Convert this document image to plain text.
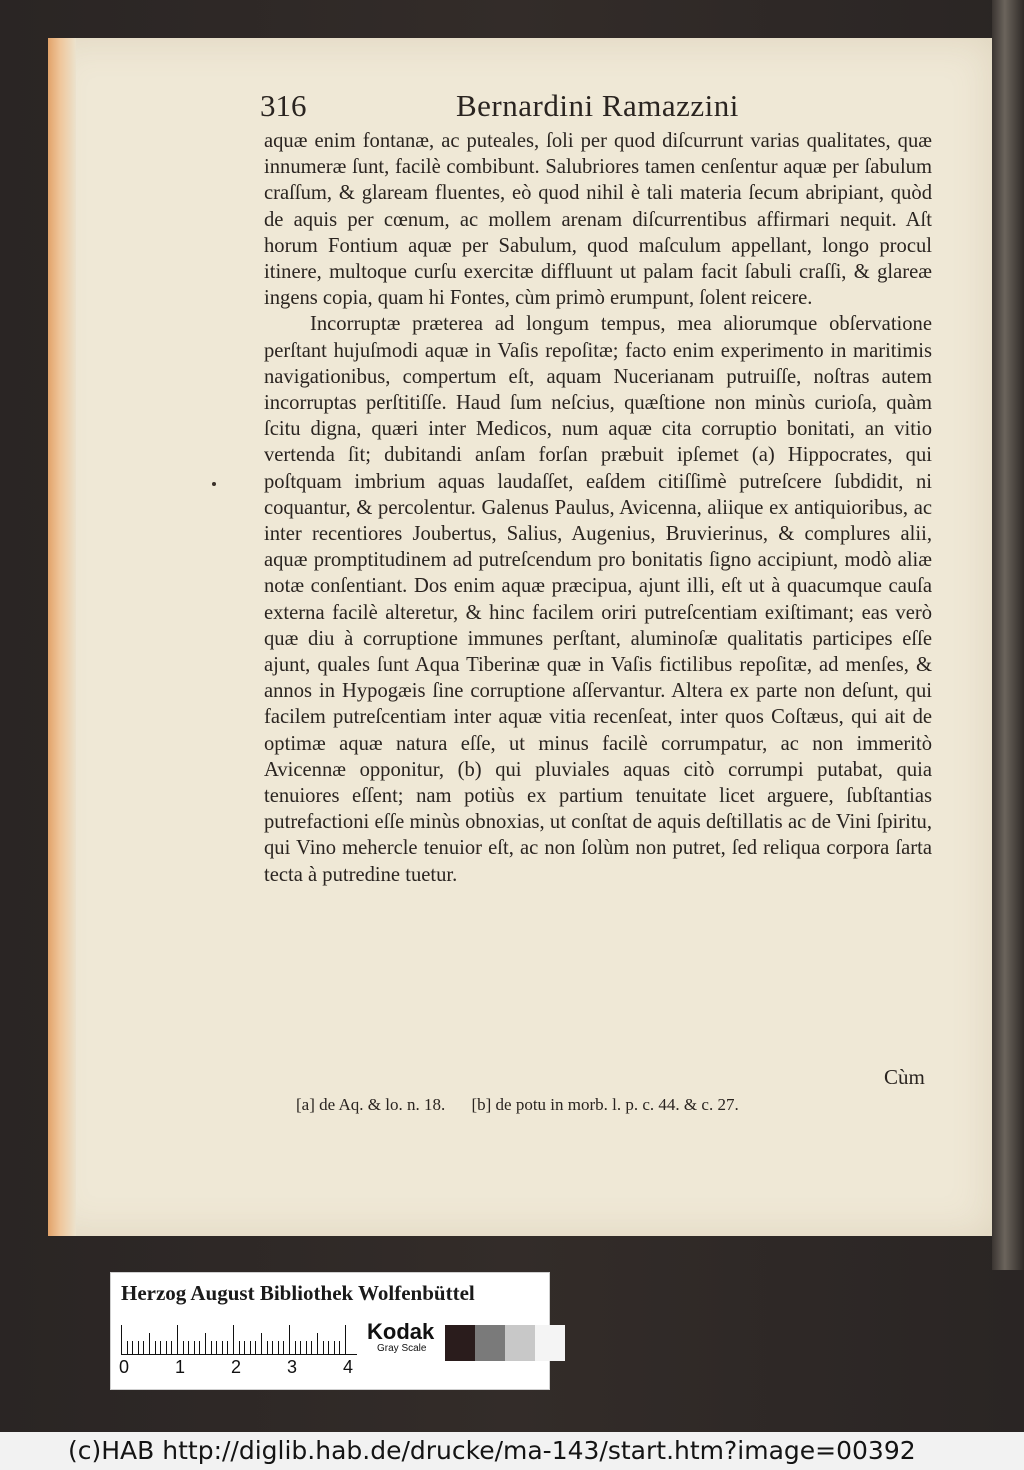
316	Bernardini Ramazzini

aquæ enim fontanæ, ac puteales, ſoli per quod diſcurrunt varias qualitates, quæ innumeræ ſunt, facilè combibunt. Salubriores tamen cenſentur aquæ per ſabulum craſſum, & glaream fluentes, eò quod nihil è tali materia ſecum abripiant, quòd de aquis per cœnum, ac mollem arenam diſcurrentibus affirmari nequit. Aſt horum Fontium aquæ per Sabulum, quod maſculum appellant, longo procul itinere, multoque curſu exercitæ diffluunt ut palam facit ſabuli craſſi, & glareæ ingens copia, quam hi Fontes, cùm primò erumpunt, ſolent reicere.

Incorruptæ præterea ad longum tempus, mea aliorumque obſervatione perſtant hujuſmodi aquæ in Vaſis repoſitæ; facto enim experimento in maritimis navigationibus, compertum eſt, aquam Nucerianam putruiſſe, noſtras autem incorruptas perſtitiſſe. Haud ſum neſcius, quæſtione non minùs curioſa, quàm ſcitu digna, quæri inter Medicos, num aquæ cita corruptio bonitati, an vitio vertenda ſit; dubitandi anſam forſan præbuit ipſemet (a) Hippocrates, qui poſtquam imbrium aquas laudaſſet, eaſdem citiſſimè putreſcere ſubdidit, ni coquantur, & percolentur. Galenus Paulus, Avicenna, aliique ex antiquioribus, ac inter recentiores Joubertus, Salius, Augenius, Bruvierinus, & complures alii, aquæ promptitudinem ad putreſcendum pro bonitatis ſigno accipiunt, modò aliæ notæ conſentiant. Dos enim aquæ præcipua, ajunt illi, eſt ut à quacumque cauſa externa facilè alteretur, & hinc facilem oriri putreſcentiam exiſtimant; eas verò quæ diu à corruptione immunes perſtant, aluminoſæ qualitatis participes eſſe ajunt, quales ſunt Aqua Tiberinæ quæ in Vaſis fictilibus repoſitæ, ad menſes, & annos in Hypogæis ſine corruptione aſſervantur. Altera ex parte non deſunt, qui facilem putreſcentiam inter aquæ vitia recenſeat, inter quos Coſtæus, qui ait de optimæ aquæ natura eſſe, ut minus facilè corrumpatur, ac non immeritò Avicennæ opponitur, (b) qui pluviales aquas citò corrumpi putabat, quia tenuiores eſſent; nam potiùs ex partium tenuitate licet arguere, ſubſtantias putrefactioni eſſe minùs obnoxias, ut conſtat de aquis deſtillatis ac de Vini ſpiritu, qui Vino mehercle tenuior eſt, ac non ſolùm non putret, ſed reliqua corpora ſarta tecta à putredine tuetur.

Cùm
[a] de Aq. & lo. n. 18. [b] de potu in morb. l. p. c. 44. & c. 27.
Herzog August Bibliothek Wolfenbüttel
0	1	2	3	4
Kodak
Gray Scale
(c)HAB http://diglib.hab.de/drucke/ma-143/start.htm?image=00392
